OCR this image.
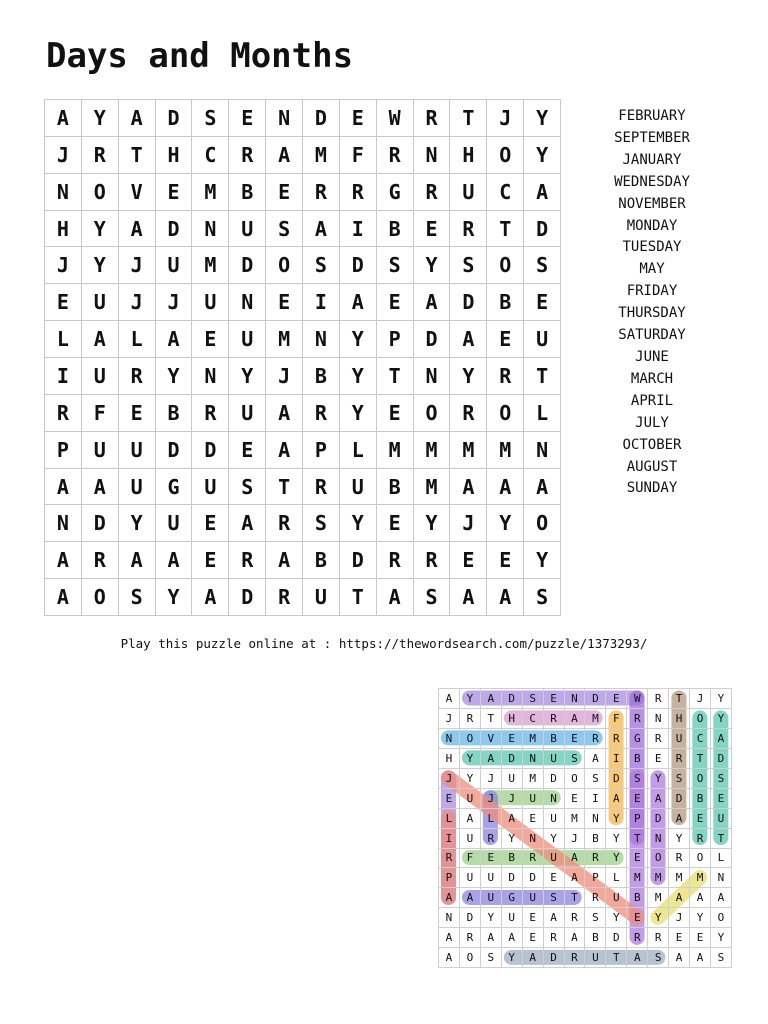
Days and Months
A	Y	A	D	S	E	N	D	E	W	R	T	J	Y
J	R	T	H	C	R	A	M	F	R	N	H	O	Y
N	O	V	E	M	B	E	R	R	G	R	U	C	A
H	Y	A	D	N	U	S	A	I	B	E	R	T	D
J	Y	J	U	M	D	O	S	D	S	Y	S	O	S
E	U	J	J	U	N	E	I	A	E	A	D	B	E
L	A	L	A	E	U	M	N	Y	P	D	A	E	U
I	U	R	Y	N	Y	J	B	Y	T	N	Y	R	T
R	F	E	B	R	U	A	R	Y	E	O	R	O	L
P	U	U	D	D	E	A	P	L	M	M	M	M	N
A	A	U	G	U	S	T	R	U	B	M	A	A	A
N	D	Y	U	E	A	R	S	Y	E	Y	J	Y	O
A	R	A	A	E	R	A	B	D	R	R	E	E	Y
A	O	S	Y	A	D	R	U	T	A	S	A	A	S
FEBRUARY
SEPTEMBER
JANUARY
WEDNESDAY
NOVEMBER
MONDAY
TUESDAY
MAY
FRIDAY
THURSDAY
SATURDAY
JUNE
MARCH
APRIL
JULY
OCTOBER
AUGUST
SUNDAY
Play this puzzle online at : https://thewordsearch.com/puzzle/1373293/
A	Y	A	D	S	E	N	D	E	W	R	T	J	Y
J	R	T	H	C	R	A	M	F	R	N	H	O	Y
N	O	V	E	M	B	E	R	R	G	R	U	C	A
H	Y	A	D	N	U	S	A	I	B	E	R	T	D
J	Y	J	U	M	D	O	S	D	S	Y	S	O	S
E	U	J	J	U	N	E	I	A	E	A	D	B	E
L	A	L	A	E	U	M	N	Y	P	D	A	E	U
I	U	R	Y	N	Y	J	B	Y	T	N	Y	R	T
R	F	E	B	R	U	A	R	Y	E	O	R	O	L
P	U	U	D	D	E	A	P	L	M	M	M	M	N
A	A	U	G	U	S	T	R	U	B	M	A	A	A
N	D	Y	U	E	A	R	S	Y	E	Y	J	Y	O
A	R	A	A	E	R	A	B	D	R	R	E	E	Y
A	O	S	Y	A	D	R	U	T	A	S	A	A	S
